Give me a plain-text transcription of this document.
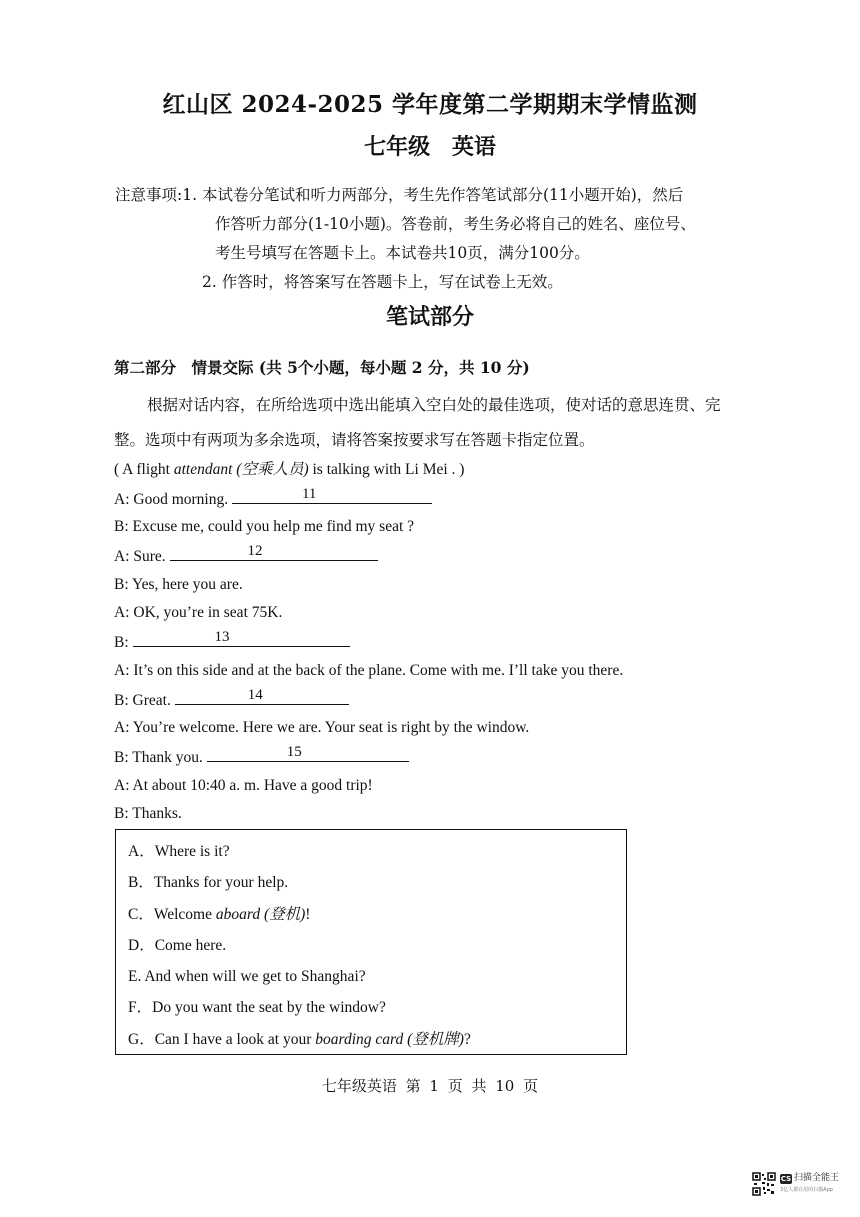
红山区 2024-2025 学年度第二学期期末学情监测
七年级 英语
注意事项:1. 本试卷分笔试和听力两部分，考生先作答笔试部分(11小题开始)，然后
作答听力部分(1-10小题)。答卷前，考生务必将自己的姓名、座位号、
考生号填写在答题卡上。本试卷共10页，满分100分。
2. 作答时，将答案写在答题卡上，写在试卷上无效。
笔试部分
第二部分　情景交际 (共 5个小题，每小题 2 分，共 10 分)
根据对话内容，在所给选项中选出能填入空白处的最佳选项，使对话的意思连贯、完整。选项中有两项为多余选项，请将答案按要求写在答题卡指定位置。
( A flight attendant (空乘人员) is talking with Li Mei . )
A: Good morning.	11
B: Excuse me, could you help me find my seat ?
A: Sure.	12
B: Yes, here you are.
A: OK, you’re in seat 75K.
B:	13
A: It’s on this side and at the back of the plane. Come with me. I’ll take you there.
B: Great.	14
A: You’re welcome. Here we are. Your seat is right by the window.
B: Thank you.	15
A: At about 10:40 a. m. Have a good trip!
B: Thanks.
A．Where is it?
B．Thanks for your help.
C．Welcome aboard (登机)!
D．Come here.
E. And when will we get to Shanghai?
F．Do you want the seat by the window?
G．Can I have a look at your boarding card (登机牌)?
七年级英语 第 1 页 共 10 页
CS 扫描全能王
3亿人都在用的扫描App
